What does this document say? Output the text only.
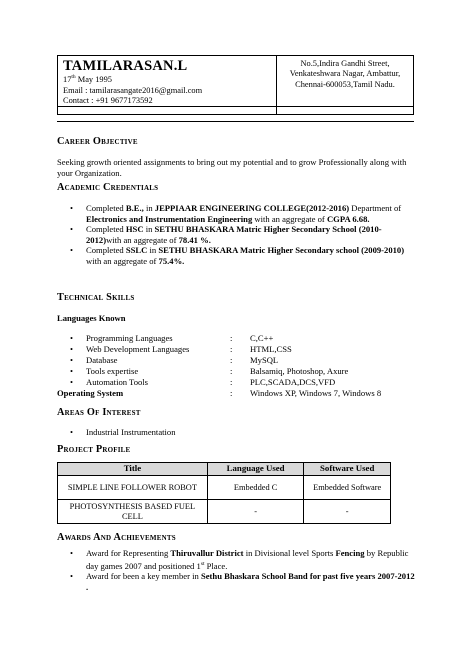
TAMILARASAN.L
17th May 1995
Email : tamilarasangate2016@gmail.com
Contact : +91 9677173592
No.5,Indira Gandhi Street,
Venkateshwara Nagar, Ambattur,
Chennai-600053,Tamil Nadu.
Career Objective
Seeking growth oriented assignments to bring out my potential and to grow Professionally along with your Organization.
Academic Credentials
• Completed B.E., in JEPPIAAR ENGINEERING COLLEGE(2012-2016) Department of Electronics and Instrumentation Engineering with an aggregate of CGPA 6.68.
• Completed HSC in SETHU BHASKARA Matric Higher Secondary School (2010-2012)with an aggregate of 78.41 %.
• Completed SSLC in SETHU BHASKARA Matric Higher Secondary school (2009-2010) with an aggregate of 75.4%.
Technical Skills
Languages Known
• Programming Languages	: C,C++
• Web Development Languages	: HTML,CSS
• Database	: MySQL
• Tools expertise	: Balsamiq, Photoshop, Axure
• Automation Tools	: PLC,SCADA,DCS,VFD
Operating System	: Windows XP, Windows 7, Windows 8
Areas Of Interest
• Industrial Instrumentation
Project Profile
Title	Language Used	Software Used
SIMPLE LINE FOLLOWER ROBOT	Embedded C	Embedded Software
PHOTOSYNTHESIS BASED FUEL CELL	-	-
Awards And Achievements
• Award for Representing Thiruvallur District in Divisional level Sports Fencing by Republic day games 2007 and positioned 1st Place.
• Award for been a key member in Sethu Bhaskara School Band for past five years 2007-2012 .
